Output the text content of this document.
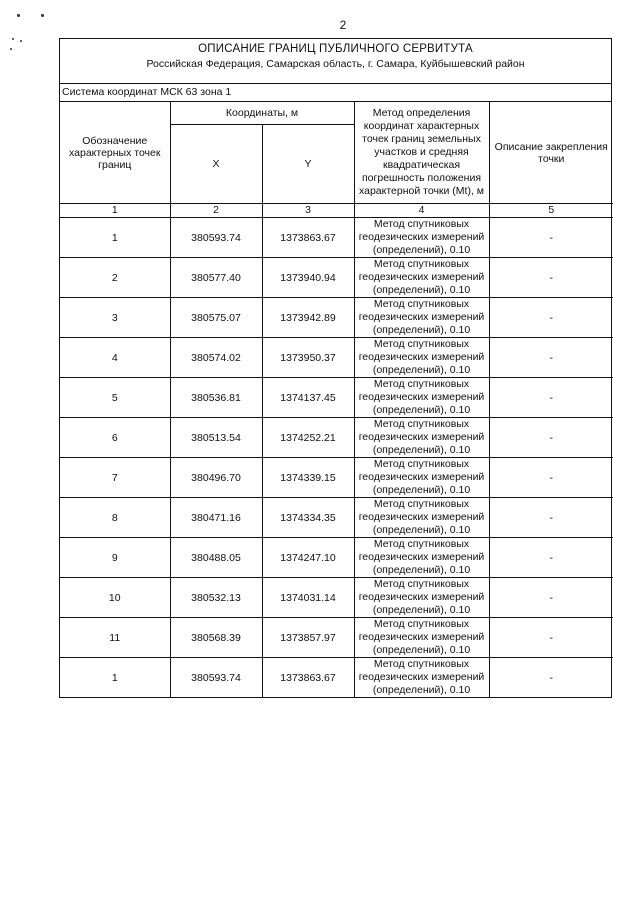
2
ОПИСАНИЕ ГРАНИЦ ПУБЛИЧНОГО СЕРВИТУТА
Российская Федерация, Самарская область, г. Самара, Куйбышевский район
Система координат МСК 63 зона 1
Обозначение характерных точек границ	Координаты, м		Метод определения координат характерных точек границ земельных участков и средняя квадратическая погрешность положения характерной точки (Mt), м	Описание закрепления точки
	X	Y		
1	2	3	4	5
1	380593.74	1373863.67	Метод спутниковых геодезических измерений (определений), 0.10	-
2	380577.40	1373940.94	Метод спутниковых геодезических измерений (определений), 0.10	-
3	380575.07	1373942.89	Метод спутниковых геодезических измерений (определений), 0.10	-
4	380574.02	1373950.37	Метод спутниковых геодезических измерений (определений), 0.10	-
5	380536.81	1374137.45	Метод спутниковых геодезических измерений (определений), 0.10	-
6	380513.54	1374252.21	Метод спутниковых геодезических измерений (определений), 0.10	-
7	380496.70	1374339.15	Метод спутниковых геодезических измерений (определений), 0.10	-
8	380471.16	1374334.35	Метод спутниковых геодезических измерений (определений), 0.10	-
9	380488.05	1374247.10	Метод спутниковых геодезических измерений (определений), 0.10	-
10	380532.13	1374031.14	Метод спутниковых геодезических измерений (определений), 0.10	-
11	380568.39	1373857.97	Метод спутниковых геодезических измерений (определений), 0.10	-
1	380593.74	1373863.67	Метод спутниковых геодезических измерений (определений), 0.10	-
